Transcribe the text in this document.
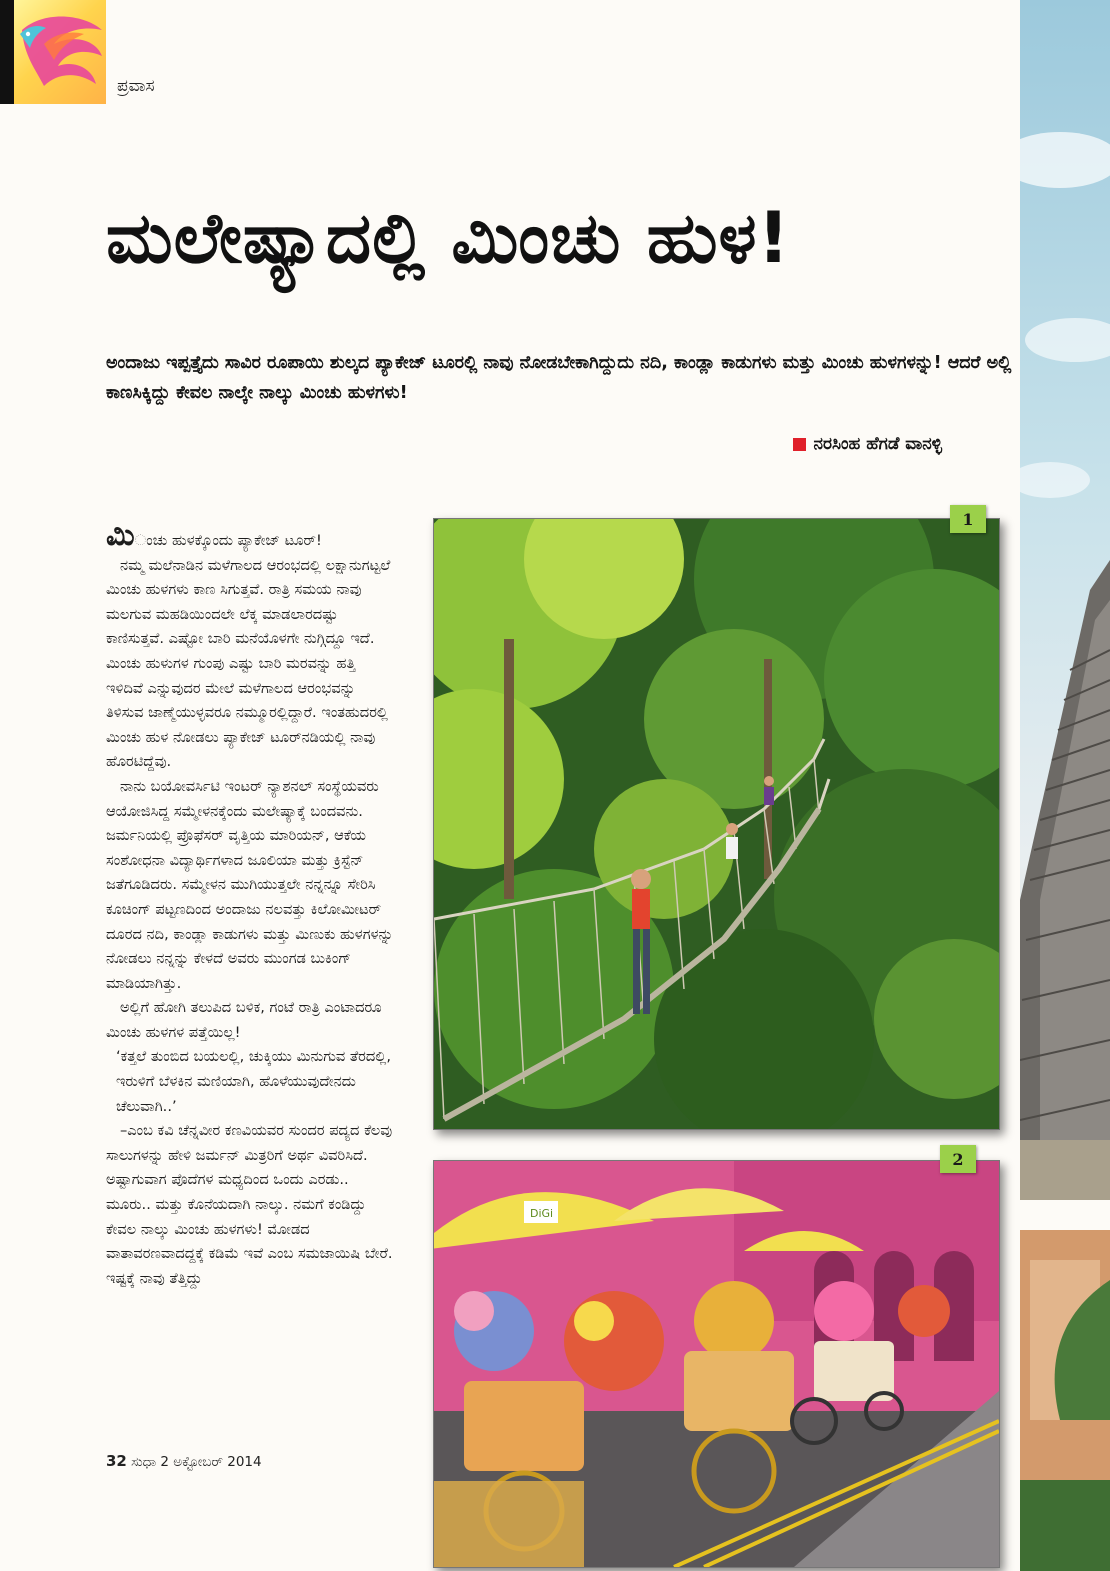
ಪ್ರವಾಸ
ಮಲೇಷ್ಯಾದಲ್ಲಿ ಮಿಂಚು ಹುಳ!
ಅಂದಾಜು ಇಪ್ಪತ್ತೈದು ಸಾವಿರ ರೂಪಾಯಿ ಶುಲ್ಕದ ಪ್ಯಾಕೇಜ್ ಟೂರಲ್ಲಿ ನಾವು ನೋಡಬೇಕಾಗಿದ್ದುದು ನದಿ, ಕಾಂಡ್ಲಾ ಕಾಡುಗಳು ಮತ್ತು ಮಿಂಚು ಹುಳಗಳನ್ನು! ಆದರೆ ಅಲ್ಲಿ ಕಾಣಸಿಕ್ಕಿದ್ದು ಕೇವಲ ನಾಲ್ಕೇ ನಾಲ್ಕು ಮಿಂಚು ಹುಳಗಳು!
ನರಸಿಂಹ ಹೆಗಡೆ ವಾನಳ್ಳಿ

ಮಿಂಚು ಹುಳಕ್ಕೊಂದು ಪ್ಯಾಕೇಜ್ ಟೂರ್!

ನಮ್ಮ ಮಲೆನಾಡಿನ ಮಳೆಗಾಲದ ಆರಂಭದಲ್ಲಿ ಲಕ್ಷಾನುಗಟ್ಟಲೆ ಮಿಂಚು ಹುಳಗಳು ಕಾಣ ಸಿಗುತ್ತವೆ. ರಾತ್ರಿ ಸಮಯ ನಾವು ಮಲಗುವ ಮಹಡಿಯಿಂದಲೇ ಲೆಕ್ಕ ಮಾಡಲಾರದಷ್ಟು ಕಾಣಿಸುತ್ತವೆ. ಎಷ್ಟೋ ಬಾರಿ ಮನೆಯೊಳಗೇ ನುಗ್ಗಿದ್ದೂ ಇದೆ. ಮಿಂಚು ಹುಳುಗಳ ಗುಂಪು ಎಷ್ಟು ಬಾರಿ ಮರವನ್ನು ಹತ್ತಿ ಇಳಿದಿವೆ ಎನ್ನುವುದರ ಮೇಲೆ ಮಳೆಗಾಲದ ಆರಂಭವನ್ನು ತಿಳಿಸುವ ಜಾಣ್ಮೆಯುಳ್ಳವರೂ ನಮ್ಮೂರಲ್ಲಿದ್ದಾರೆ. ಇಂತಹುದರಲ್ಲಿ ಮಿಂಚು ಹುಳ ನೋಡಲು ಪ್ಯಾಕೇಜ್ ಟೂರ್‌ನಡಿಯಲ್ಲಿ ನಾವು ಹೊರಟಿದ್ದೆವು.

ನಾನು ಬಯೋವರ್ಸಿಟಿ ಇಂಟರ್ ನ್ಯಾಶನಲ್ ಸಂಸ್ಥೆಯವರು ಆಯೋಜಿಸಿದ್ದ ಸಮ್ಮೇಳನಕ್ಕೆಂದು ಮಲೇಷ್ಯಾಕ್ಕೆ ಬಂದವನು. ಜರ್ಮನಿಯಲ್ಲಿ ಪ್ರೊಫೆಸರ್ ವೃತ್ತಿಯ ಮಾರಿಯನ್, ಆಕೆಯ ಸಂಶೋಧನಾ ವಿದ್ಯಾರ್ಥಿಗಳಾದ ಜೂಲಿಯಾ ಮತ್ತು ಕ್ರಿಸ್ಟೆನ್ ಜತೆಗೂಡಿದರು. ಸಮ್ಮೇಳನ ಮುಗಿಯುತ್ತಲೇ ನನ್ನನ್ನೂ ಸೇರಿಸಿ ಕೂಚಿಂಗ್ ಪಟ್ಟಣದಿಂದ ಅಂದಾಜು ನಲವತ್ತು ಕಿಲೋಮೀಟರ್ ದೂರದ ನದಿ, ಕಾಂಡ್ಲಾ ಕಾಡುಗಳು ಮತ್ತು ಮಿಣುಕು ಹುಳಗಳನ್ನು ನೋಡಲು ನನ್ನನ್ನು ಕೇಳದೆ ಅವರು ಮುಂಗಡ ಬುಕಿಂಗ್ ಮಾಡಿಯಾಗಿತ್ತು.

ಅಲ್ಲಿಗೆ ಹೋಗಿ ತಲುಪಿದ ಬಳಿಕ, ಗಂಟೆ ರಾತ್ರಿ ಎಂಟಾದರೂ ಮಿಂಚು ಹುಳಗಳ ಪತ್ತೆಯಿಲ್ಲ!

‘ಕತ್ತಲೆ ತುಂಬಿದ ಬಯಲಲ್ಲಿ, ಚುಕ್ಕಿಯು ಮಿನುಗುವ ತೆರದಲ್ಲಿ,

ಇರುಳಿಗೆ ಬೆಳಕಿನ ಮಣಿಯಾಗಿ, ಹೊಳೆಯುವುದೇನದು ಚೆಲುವಾಗಿ..’

–ಎಂಬ ಕವಿ ಚೆನ್ನವೀರ ಕಣವಿಯವರ ಸುಂದರ ಪದ್ಯದ ಕೆಲವು ಸಾಲುಗಳನ್ನು ಹೇಳಿ ಜರ್ಮನ್ ಮಿತ್ರರಿಗೆ ಅರ್ಥ ವಿವರಿಸಿದೆ. ಅಷ್ಟಾಗುವಾಗ ಪೊದೆಗಳ ಮಧ್ಯದಿಂದ ಒಂದು ಎರಡು.. ಮೂರು.. ಮತ್ತು ಕೊನೆಯದಾಗಿ ನಾಲ್ಕು. ನಮಗೆ ಕಂಡಿದ್ದು ಕೇವಲ ನಾಲ್ಕು ಮಿಂಚು ಹುಳಗಳು! ಮೋಡದ ವಾತಾವರಣವಾದದ್ದಕ್ಕೆ ಕಡಿಮೆ ಇವೆ ಎಂಬ ಸಮಜಾಯಿಷಿ ಬೇರೆ. ಇಷ್ಟಕ್ಕೆ ನಾವು ತೆತ್ತಿದ್ದು

32 ಸುಧಾ 2 ಅಕ್ಟೋಬರ್ 2014
1
DiGi
2
